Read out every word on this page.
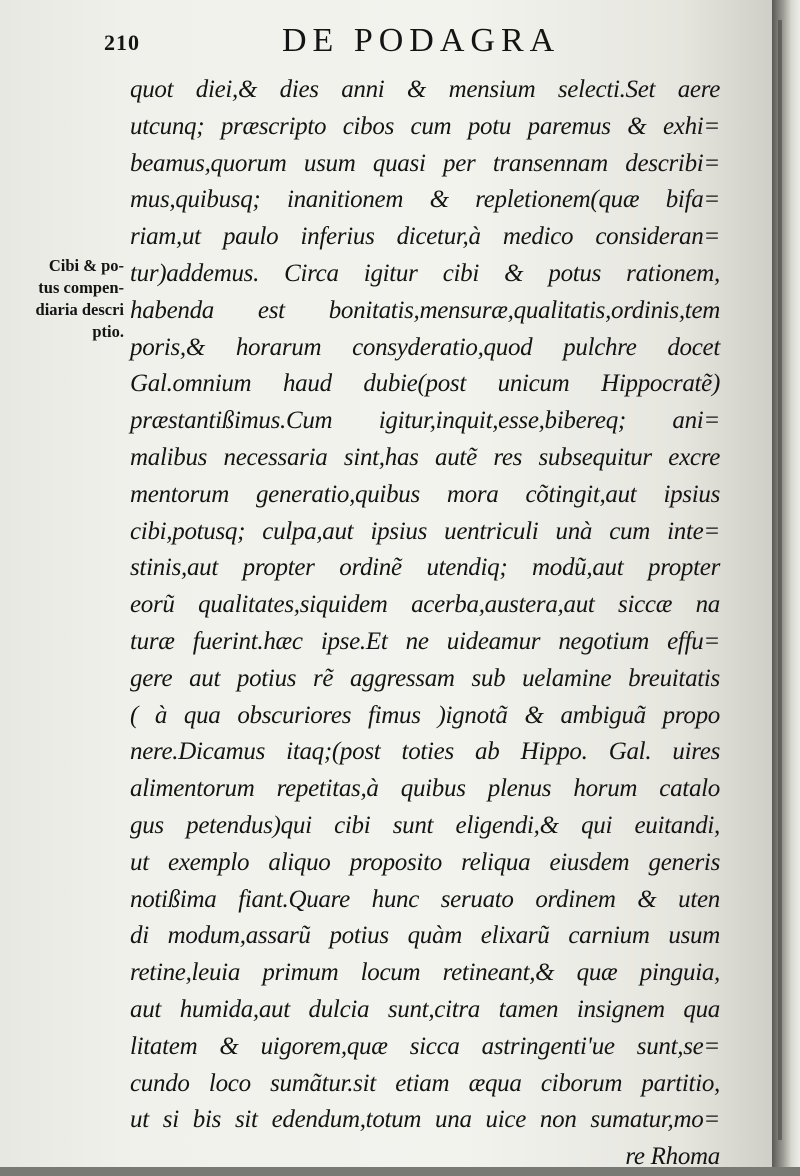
210	DE PODAGRA
Cibi & po-
tus compen-
diaria descri
ptio.
quot diei,& dies anni & mensium selecti.Set aere
utcunq; præscripto cibos cum potu paremus & exhi=
beamus,quorum usum quasi per transennam describi=
mus,quibusq; inanitionem & repletionem(quæ bifa=
riam,ut paulo inferius dicetur,à medico consideran=
tur)addemus. Circa igitur cibi & potus rationem,
habenda est bonitatis,mensuræ,qualitatis,ordinis,tem
poris,& horarum consyderatio,quod pulchre docet
Gal.omnium haud dubie(post unicum Hippocratẽ)
præstantißimus.Cum igitur,inquit,esse,bibereq; ani=
malibus necessaria sint,has autẽ res subsequitur excre
mentorum generatio,quibus mora cõtingit,aut ipsius
cibi,potusq; culpa,aut ipsius uentriculi unà cum inte=
stinis,aut propter ordinẽ utendiq; modũ,aut propter
eorũ qualitates,siquidem acerba,austera,aut siccæ na
turæ fuerint.hæc ipse.Et ne uideamur negotium effu=
gere aut potius rẽ aggressam sub uelamine breuitatis
( à qua obscuriores fimus )ignotã & ambiguã propo
nere.Dicamus itaq;(post toties ab Hippo. Gal. uires
alimentorum repetitas,à quibus plenus horum catalo
gus petendus)qui cibi sunt eligendi,& qui euitandi,
ut exemplo aliquo proposito reliqua eiusdem generis
notißima fiant.Quare hunc seruato ordinem & uten
di modum,assarũ potius quàm elixarũ carnium usum
retine,leuia primum locum retineant,& quæ pinguia,
aut humida,aut dulcia sunt,citra tamen insignem qua
litatem & uigorem,quæ sicca astringenti'ue sunt,se=
cundo loco sumãtur.sit etiam æqua ciborum partitio,
ut si bis sit edendum,totum una uice non sumatur,mo=
re Rhoma
